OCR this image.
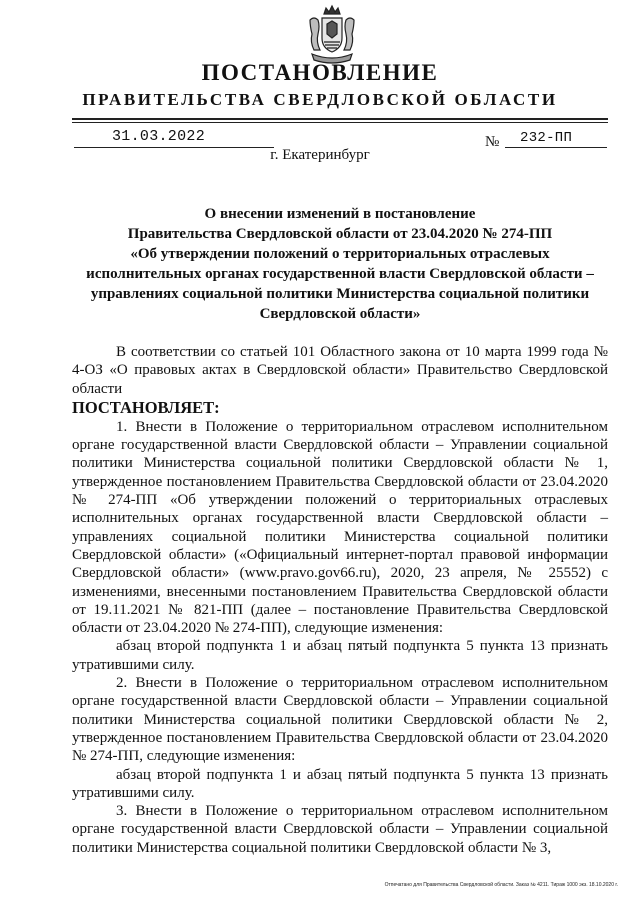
ПОСТАНОВЛЕНИЕ
ПРАВИТЕЛЬСТВА СВЕРДЛОВСКОЙ ОБЛАСТИ
31.03.2022	№ 232-ПП
г. Екатеринбург
О внесении изменений в постановление
Правительства Свердловской области от 23.04.2020 № 274-ПП
«Об утверждении положений о территориальных отраслевых
исполнительных органах государственной власти Свердловской области –
управлениях социальной политики Министерства социальной политики
Свердловской области»

В соответствии со статьей 101 Областного закона от 10 марта 1999 года № 4-ОЗ «О правовых актах в Свердловской области» Правительство Свердловской области

ПОСТАНОВЛЯЕТ:

1. Внести в Положение о территориальном отраслевом исполнительном органе государственной власти Свердловской области – Управлении социальной политики Министерства социальной политики Свердловской области № 1, утвержденное постановлением Правительства Свердловской области от 23.04.2020 № 274-ПП «Об утверждении положений о территориальных отраслевых исполнительных органах государственной власти Свердловской области – управлениях социальной политики Министерства социальной политики Свердловской области» («Официальный интернет-портал правовой информации Свердловской области» (www.pravo.gov66.ru), 2020, 23 апреля, № 25552) с изменениями, внесенными постановлением Правительства Свердловской области от 19.11.2021 № 821-ПП (далее – постановление Правительства Свердловской области от 23.04.2020 № 274-ПП), следующие изменения:

абзац второй подпункта 1 и абзац пятый подпункта 5 пункта 13 признать утратившими силу.

2. Внести в Положение о территориальном отраслевом исполнительном органе государственной власти Свердловской области – Управлении социальной политики Министерства социальной политики Свердловской области № 2, утвержденное постановлением Правительства Свердловской области от 23.04.2020 № 274-ПП, следующие изменения:

абзац второй подпункта 1 и абзац пятый подпункта 5 пункта 13 признать утратившими силу.

3. Внести в Положение о территориальном отраслевом исполнительном органе государственной власти Свердловской области – Управлении социальной политики Министерства социальной политики Свердловской области № 3,

Отпечатано для Правительства Свердловской области. Заказ № 4211. Тираж 1000 экз. 18.10.2020 г.
